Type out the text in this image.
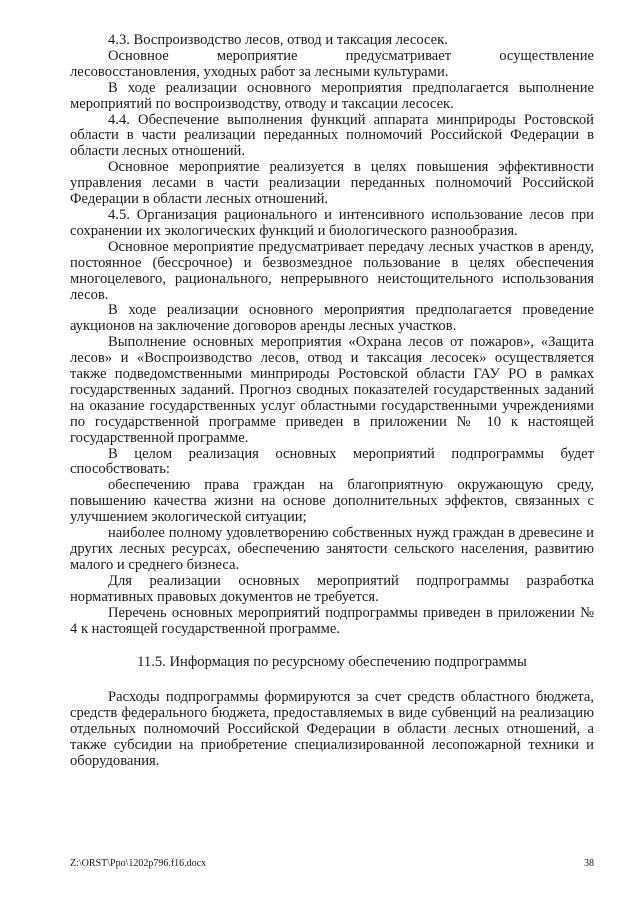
4.3. Воспроизводство лесов, отвод и таксация лесосек.

Основное мероприятие предусматривает осуществление лесовосстановления, уходных работ за лесными культурами.

В ходе реализации основного мероприятия предполагается выполнение мероприятий по воспроизводству, отводу и таксации лесосек.

4.4. Обеспечение выполнения функций аппарата минприроды Ростовской области в части реализации переданных полномочий Российской Федерации в области лесных отношений.

Основное мероприятие реализуется в целях повышения эффективности управления лесами в части реализации переданных полномочий Российской Федерации в области лесных отношений.

4.5. Организация рационального и интенсивного использование лесов при сохранении их экологических функций и биологического разнообразия.

Основное мероприятие предусматривает передачу лесных участков в аренду, постоянное (бессрочное) и безвозмездное пользование в целях обеспечения многоцелевого, рационального, непрерывного неистощительного использования лесов.

В ходе реализации основного мероприятия предполагается проведение аукционов на заключение договоров аренды лесных участков.

Выполнение основных мероприятия «Охрана лесов от пожаров», «Защита лесов» и «Воспроизводство лесов, отвод и таксация лесосек» осуществляется также подведомственными минприроды Ростовской области ГАУ РО в рамках государственных заданий. Прогноз сводных показателей государственных заданий на оказание государственных услуг областными государственными учреждениями по государственной программе приведен в приложении № 10 к настоящей государственной программе.

В целом реализация основных мероприятий подпрограммы будет способствовать:

обеспечению права граждан на благоприятную окружающую среду, повышению качества жизни на основе дополнительных эффектов, связанных с улучшением экологической ситуации;

наиболее полному удовлетворению собственных нужд граждан в древесине и других лесных ресурсах, обеспечению занятости сельского населения, развитию малого и среднего бизнеса.

Для реализации основных мероприятий подпрограммы разработка нормативных правовых документов не требуется.

Перечень основных мероприятий подпрограммы приведен в приложении № 4 к настоящей государственной программе.

11.5. Информация по ресурсному обеспечению подпрограммы

Расходы подпрограммы формируются за счет средств областного бюджета, средств федерального бюджета, предоставляемых в виде субвенций на реализацию отдельных полномочий Российской Федерации в области лесных отношений, а также субсидии на приобретение специализированной лесопожарной техники и оборудования.

Z:\ORST\Ppo\1202p796.f16.docx	38
